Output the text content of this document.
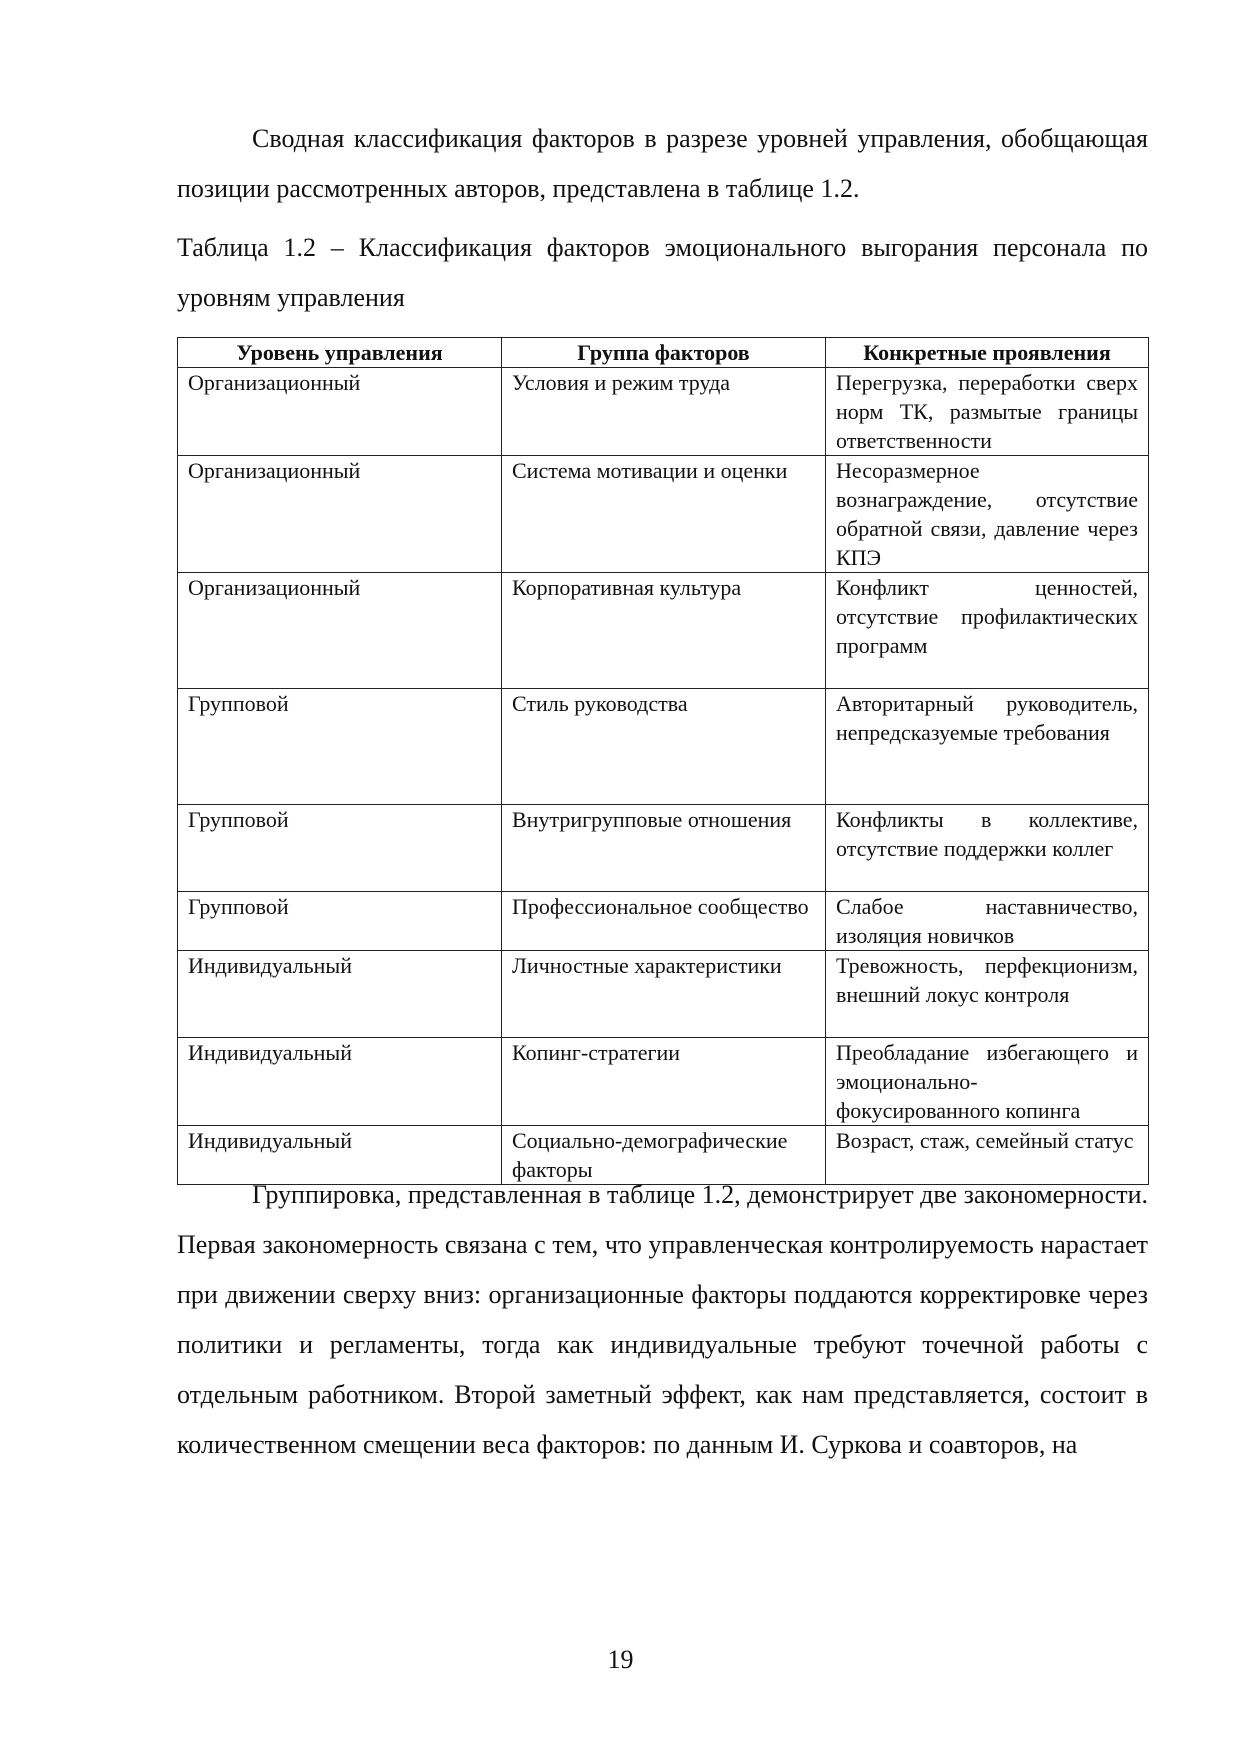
Сводная классификация факторов в разрезе уровней управления, обобщающая позиции рассмотренных авторов, представлена в таблице 1.2.

Таблица 1.2 – Классификация факторов эмоционального выгорания персонала по уровням управления

Уровень управления	Группа факторов	Конкретные проявления
Организационный	Условия и режим труда	Перегрузка, переработки сверх норм ТК, размытые границы ответственности
Организационный	Система мотивации и оценки	Несоразмерное вознаграждение, отсутствие обратной связи, давление через КПЭ
Организационный	Корпоративная культура	Конфликт ценностей, отсутствие профилактических программ
Групповой	Стиль руководства	Авторитарный руководитель, непредсказуемые требования
Групповой	Внутригрупповые отношения	Конфликты в коллективе, отсутствие поддержки коллег
Групповой	Профессиональное сообщество	Слабое наставничество, изоляция новичков
Индивидуальный	Личностные характеристики	Тревожность, перфекционизм, внешний локус контроля
Индивидуальный	Копинг-стратегии	Преобладание избегающего и эмоционально-фокусированного копинга
Индивидуальный	Социально-демографические факторы	Возраст, стаж, семейный статус

Группировка, представленная в таблице 1.2, демонстрирует две закономерности. Первая закономерность связана с тем, что управленческая контролируемость нарастает при движении сверху вниз: организационные факторы поддаются корректировке через политики и регламенты, тогда как индивидуальные требуют точечной работы с отдельным работником. Второй заметный эффект, как нам представляется, состоит в количественном смещении веса факторов: по данным И. Суркова и соавторов, на

19
